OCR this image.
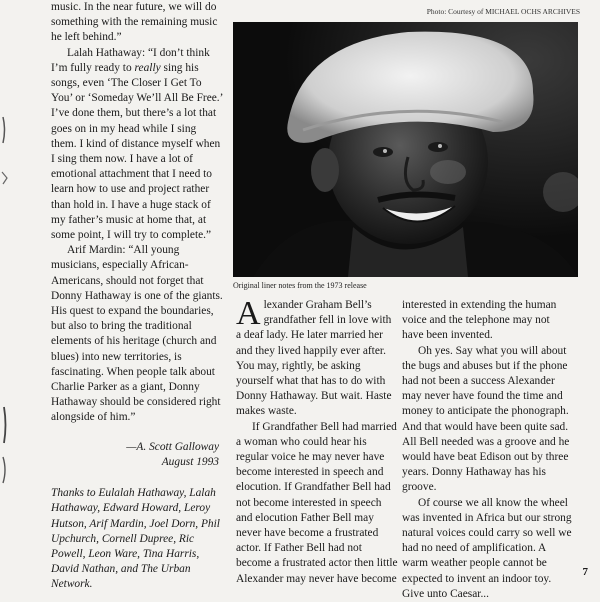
music. In the near future, we will do something with the remaining music he left behind.”

Lalah Hathaway: “I don’t think I’m fully ready to really sing his songs, even ‘The Closer I Get To You’ or ‘Someday We’ll All Be Free.’ I’ve done them, but there’s a lot that goes on in my head while I sing them. I kind of distance myself when I sing them now. I have a lot of emotional attachment that I need to learn how to use and project rather than hold in. I have a huge stack of my father’s music at home that, at some point, I will try to complete.”

Arif Mardin: “All young musicians, especially African-Americans, should not forget that Donny Hathaway is one of the giants. His quest to expand the boundaries, but also to bring the traditional elements of his heritage (church and blues) into new territories, is fascinating. When people talk about Charlie Parker as a giant, Donny Hathaway should be considered right alongside of him.”

—A. Scott Galloway
August 1993

Thanks to Eulalah Hathaway, Lalah Hathaway, Edward Howard, Leroy Hutson, Arif Mardin, Joel Dorn, Phil Upchurch, Cornell Dupree, Ric Powell, Leon Ware, Tina Harris, David Nathan, and The Urban Network.

Photo: Courtesy of MICHAEL OCHS ARCHIVES
Original liner notes from the 1973 release

Alexander Graham Bell’s grandfather fell in love with a deaf lady. He later married her and they lived happily ever after. You may, rightly, be asking yourself what that has to do with Donny Hathaway. But wait. Haste makes waste.

If Grandfather Bell had married a woman who could hear his regular voice he may never have become interested in speech and elocution. If Grandfather Bell had not become interested in speech and elocution Father Bell may never have become a frustrated actor. If Father Bell had not become a frustrated actor then little Alexander may never have become

interested in extending the human voice and the telephone may not have been invented.

Oh yes. Say what you will about the bugs and abuses but if the phone had not been a success Alexander may never have found the time and money to anticipate the phonograph. And that would have been quite sad. All Bell needed was a groove and he would have beat Edison out by three years. Donny Hathaway has his groove.

Of course we all know the wheel was invented in Africa but our strong natural voices could carry so well we had no need of amplification. A warm weather people cannot be expected to invent an indoor toy. Give unto Caesar...

7
